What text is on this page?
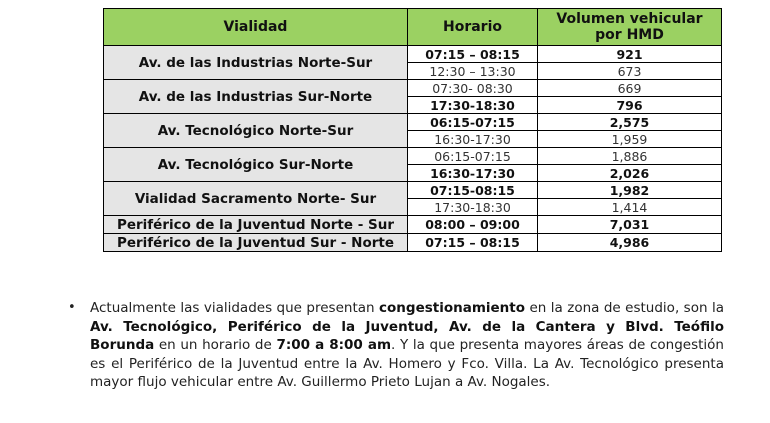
Vialidad	Horario	Volumen vehicular
por HMD
Av. de las Industrias Norte-Sur	07:15 – 08:15	921
	12:30 – 13:30	673
Av. de las Industrias Sur-Norte	07:30- 08:30	669
	17:30-18:30	796
Av. Tecnológico Norte-Sur	06:15-07:15	2,575
	16:30-17:30	1,959
Av. Tecnológico Sur-Norte	06:15-07:15	1,886
	16:30-17:30	2,026
Vialidad Sacramento Norte- Sur	07:15-08:15	1,982
	17:30-18:30	1,414
Periférico de la Juventud Norte - Sur	08:00 – 09:00	7,031
Periférico de la Juventud Sur - Norte	07:15 – 08:15	4,986
• Actualmente las vialidades que presentan congestionamiento en la zona de estudio, son la Av. Tecnológico, Periférico de la Juventud, Av. de la Cantera y Blvd. Teófilo Borunda en un horario de 7:00 a 8:00 am. Y la que presenta mayores áreas de congestión es el Periférico de la Juventud entre la Av. Homero y Fco. Villa. La Av. Tecnológico presenta mayor flujo vehicular entre Av. Guillermo Prieto Lujan a Av. Nogales.
